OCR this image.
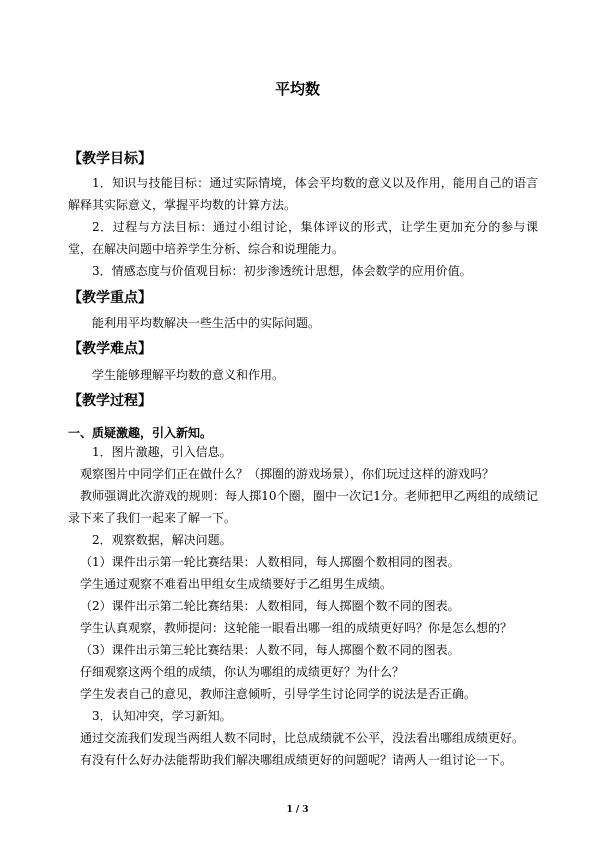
平均数
【教学目标】
1．知识与技能目标：通过实际情境，体会平均数的意义以及作用，能用自己的语言解释其实际意义，掌握平均数的计算方法。
2．过程与方法目标：通过小组讨论，集体评议的形式，让学生更加充分的参与课堂，在解决问题中培养学生分析、综合和说理能力。
3．情感态度与价值观目标：初步渗透统计思想，体会数学的应用价值。
【教学重点】
能利用平均数解决一些生活中的实际问题。
【教学难点】
学生能够理解平均数的意义和作用。
【教学过程】
一、质疑激趣，引入新知。
1．图片激趣，引入信息。
观察图片中同学们正在做什么？（掷圈的游戏场景），你们玩过这样的游戏吗？
教师强调此次游戏的规则：每人掷10个圈，圈中一次记1分。老师把甲乙两组的成绩记录下来了我们一起来了解一下。
2．观察数据，解决问题。
（1）课件出示第一轮比赛结果：人数相同，每人掷圈个数相同的图表。
学生通过观察不难看出甲组女生成绩要好于乙组男生成绩。
（2）课件出示第二轮比赛结果：人数相同，每人掷圈个数不同的图表。
学生认真观察，教师提问：这轮能一眼看出哪一组的成绩更好吗？你是怎么想的？
（3）课件出示第三轮比赛结果：人数不同，每人掷圈个数不同的图表。
仔细观察这两个组的成绩，你认为哪组的成绩更好？为什么？
学生发表自己的意见，教师注意倾听，引导学生讨论同学的说法是否正确。
3．认知冲突，学习新知。
通过交流我们发现当两组人数不同时，比总成绩就不公平，没法看出哪组成绩更好。
有没有什么好办法能帮助我们解决哪组成绩更好的问题呢？请两人一组讨论一下。
1 / 3
